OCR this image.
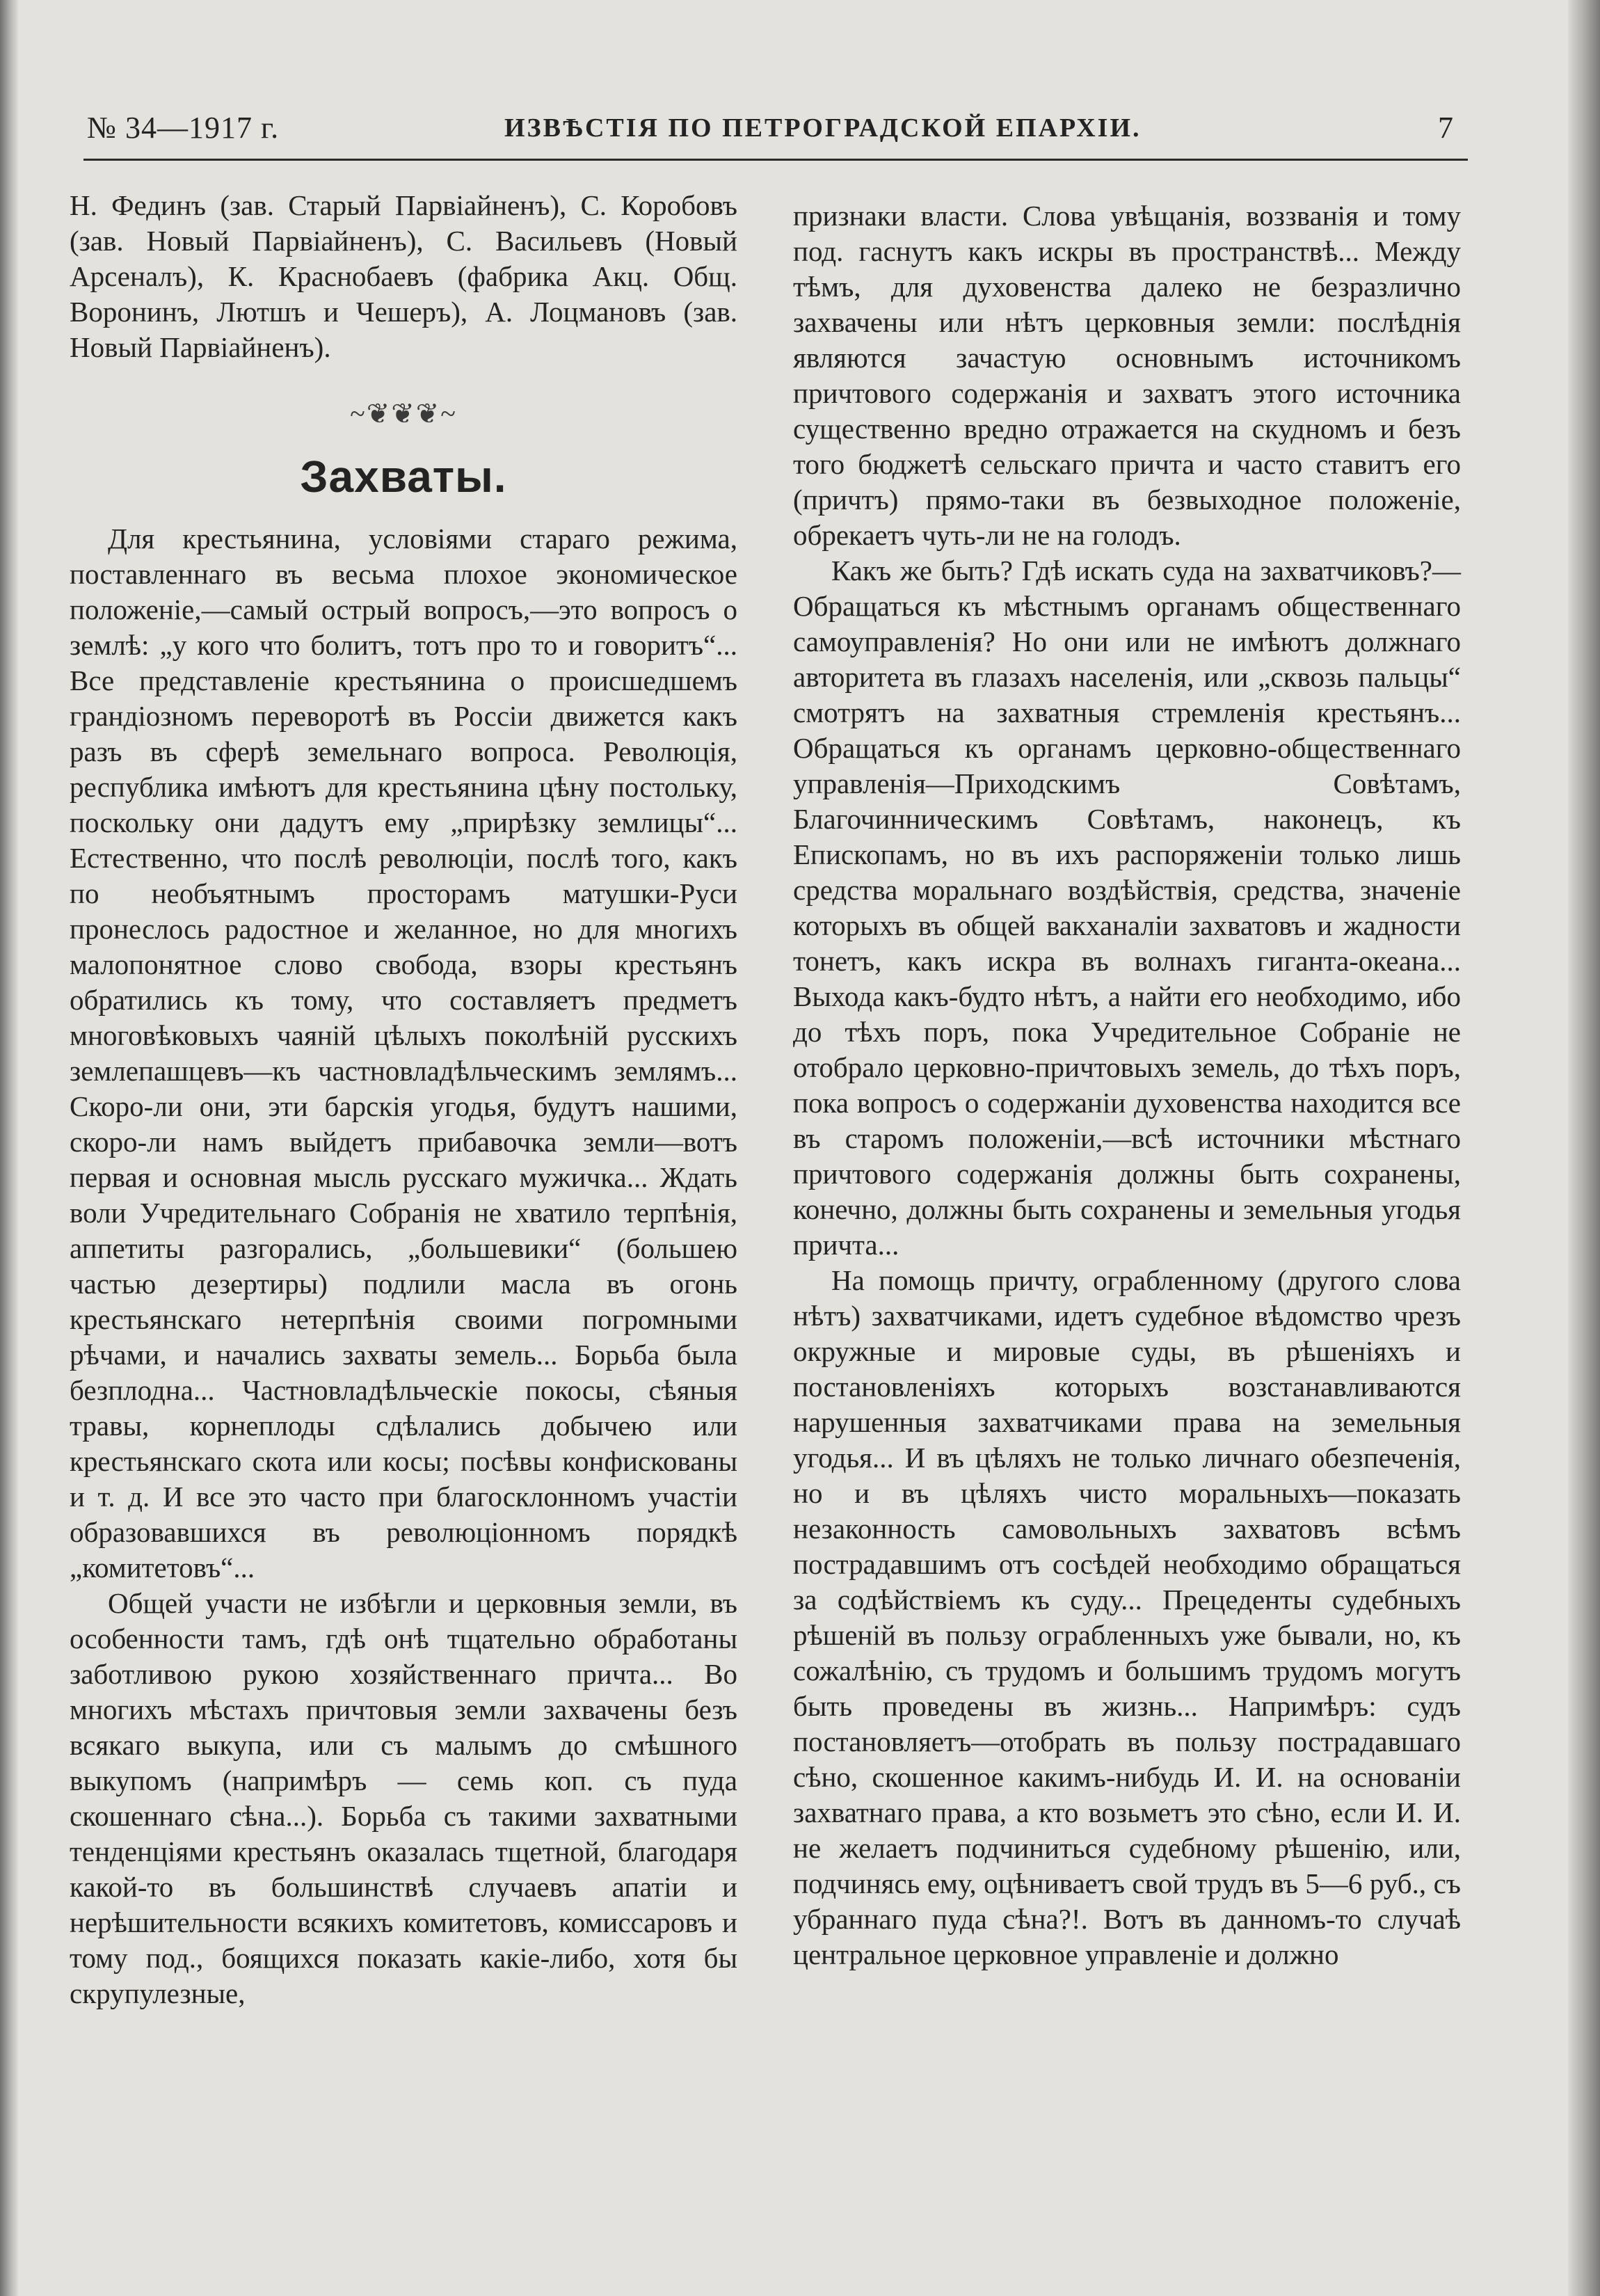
№ 34—1917 г.	ИЗВѢСТІЯ ПО ПЕТРОГРАДСКОЙ ЕПАРХІИ.	7

Н. Фединъ (зав. Старый Парвіайненъ), С. Коробовъ (зав. Новый Парвіайненъ), С. Васильевъ (Новый Арсеналъ), К. Краснобаевъ (фабрика Акц. Общ. Воронинъ, Лютшъ и Чешеръ), А. Лоцмановъ (зав. Новый Парвіайненъ).

~❦❦❦~
Захваты.

Для крестьянина, условіями стараго режима, поставленнаго въ весьма плохое экономическое положеніе,—самый острый вопросъ,—это вопросъ о землѣ: „у кого что болитъ, тотъ про то и говоритъ“... Все представленіе крестьянина о происшедшемъ грандіозномъ переворотѣ въ Россіи движется какъ разъ въ сферѣ земельнаго вопроса. Революція, республика имѣютъ для крестьянина цѣну постольку, поскольку они дадутъ ему „прирѣзку землицы“... Естественно, что послѣ революціи, послѣ того, какъ по необъятнымъ просторамъ матушки-Руси пронеслось радостное и желанное, но для многихъ малопонятное слово свобода, взоры крестьянъ обратились къ тому, что составляетъ предметъ многовѣковыхъ чаяній цѣлыхъ поколѣній русскихъ землепашцевъ—къ частновладѣльческимъ землямъ... Скоро-ли они, эти барскія угодья, будутъ нашими, скоро-ли намъ выйдетъ прибавочка земли—вотъ первая и основная мысль русскаго мужичка... Ждать воли Учредительнаго Собранія не хватило терпѣнія, аппетиты разгорались, „большевики“ (большею частью дезертиры) подлили масла въ огонь крестьянскаго нетерпѣнія своими погромными рѣчами, и начались захваты земель... Борьба была безплодна... Частновладѣльческіе покосы, сѣяныя травы, корнеплоды сдѣлались добычею или крестьянскаго скота или косы; посѣвы конфискованы и т. д. И все это часто при благосклонномъ участіи образовавшихся въ революціонномъ порядкѣ „комитетовъ“...

Общей участи не избѣгли и церковныя земли, въ особенности тамъ, гдѣ онѣ тщательно обработаны заботливою рукою хозяйственнаго причта... Во многихъ мѣстахъ причтовыя земли захвачены безъ всякаго выкупа, или съ малымъ до смѣшного выкупомъ (напримѣръ — семь коп. съ пуда скошеннаго сѣна...). Борьба съ такими захватными тенденціями крестьянъ оказалась тщетной, благодаря какой-то въ большинствѣ случаевъ апатіи и нерѣшительности всякихъ комитетовъ, комиссаровъ и тому под., боящихся показать какіе-либо, хотя бы скрупулезные,

признаки власти. Слова увѣщанія, воззванія и тому под. гаснутъ какъ искры въ пространствѣ... Между тѣмъ, для духовенства далеко не безразлично захвачены или нѣтъ церковныя земли: послѣднія являются зачастую основнымъ источникомъ причтового содержанія и захватъ этого источника существенно вредно отражается на скудномъ и безъ того бюджетѣ сельскаго причта и часто ставитъ его (причтъ) прямо-таки въ безвыходное положеніе, обрекаетъ чуть-ли не на голодъ.

Какъ же быть? Гдѣ искать суда на захватчиковъ?—Обращаться къ мѣстнымъ органамъ общественнаго самоуправленія? Но они или не имѣютъ должнаго авторитета въ глазахъ населенія, или „сквозь пальцы“ смотрятъ на захватныя стремленія крестьянъ... Обращаться къ органамъ церковно-общественнаго управленія—Приходскимъ Совѣтамъ, Благочинническимъ Совѣтамъ, наконецъ, къ Епископамъ, но въ ихъ распоряженіи только лишь средства моральнаго воздѣйствія, средства, значеніе которыхъ въ общей вакханаліи захватовъ и жадности тонетъ, какъ искра въ волнахъ гиганта-океана... Выхода какъ-будто нѣтъ, а найти его необходимо, ибо до тѣхъ поръ, пока Учредительное Собраніе не отобрало церковно-причтовыхъ земель, до тѣхъ поръ, пока вопросъ о содержаніи духовенства находится все въ старомъ положеніи,—всѣ источники мѣстнаго причтового содержанія должны быть сохранены, конечно, должны быть сохранены и земельныя угодья причта...

На помощь причту, ограбленному (другого слова нѣтъ) захватчиками, идетъ судебное вѣдомство чрезъ окружные и мировые суды, въ рѣшеніяхъ и постановленіяхъ которыхъ возстанавливаются нарушенныя захватчиками права на земельныя угодья... И въ цѣляхъ не только личнаго обезпеченія, но и въ цѣляхъ чисто моральныхъ—показать незаконность самовольныхъ захватовъ всѣмъ пострадавшимъ отъ сосѣдей необходимо обращаться за содѣйствіемъ къ суду... Прецеденты судебныхъ рѣшеній въ пользу ограбленныхъ уже бывали, но, къ сожалѣнію, съ трудомъ и большимъ трудомъ могутъ быть проведены въ жизнь... Напримѣръ: судъ постановляетъ—отобрать въ пользу пострадавшаго сѣно, скошенное какимъ-нибудь И. И. на основаніи захватнаго права, а кто возьметъ это сѣно, если И. И. не желаетъ подчиниться судебному рѣшенію, или, подчинясь ему, оцѣниваетъ свой трудъ въ 5—6 руб., съ убраннаго пуда сѣна?!. Вотъ въ данномъ-то случаѣ центральное церковное управленіе и должно
